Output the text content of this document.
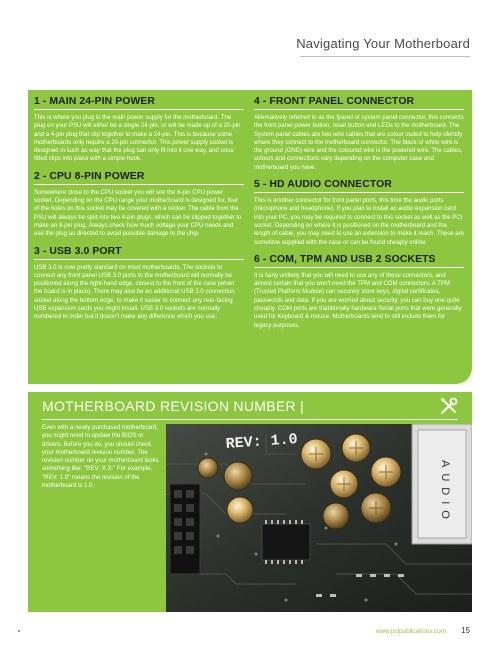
Navigating Your Motherboard
1 - MAIN 24-PIN POWER

This is where you plug in the main power supply for the motherboard. The plug on your PSU will either be a single 24-pin, or will be made up of a 20-pin and a 4-pin plug that clip together to make a 24-pin. This is because some motherboards only require a 20-pin connector. This power supply socket is designed in such as way that the plug can only fit into it one way, and once fitted clips into place with a simple hook.

2 - CPU 8-PIN POWER

Somewhere close to the CPU socket you will see the 8-pin CPU power socket. Depending on the CPU range your motherboard is designed for, four of the holes on this socket may be covered with a sticker. The cable from the PSU will always be split into two 4-pin plugs, which can be clipped together to make an 8-pin plug. Always check how much voltage your CPU needs and use the plug as directed to avoid possible damage to the chip.

3 - USB 3.0 PORT

USB 3.0 is now pretty standard on most motherboards. The sockets to connect any front panel USB 3.0 ports to the motherboard will normally be positioned along the right-hand edge, closest to the front of the case (when the board is in place). There may also be an additional USB 3.0 connection socket along the bottom edge, to make it easier to connect any rear-facing USB expansion cards you might install. USB 3.0 sockets are normally numbered in order but it doesn't make any difference which you use.

4 - FRONT PANEL CONNECTOR

Alternatively referred to as the fpanel or system panel connector, this connects the front panel power button, reset button and LEDs to the motherboard. The System panel cables are two wire cables that are colour coded to help identify where they connect to the motherboard connector. The black or white wire is the ground (GND) wire and the coloured wire is the powered wire. The cables, colours and connections vary depending on the computer case and motherboard you have.

5 - HD AUDIO CONNECTOR

This is another connector for front panel ports, this time the audio ports (microphone and headphone). If you plan to install an audio expansion card into your PC, you may be required to connect to this socket as well as the PCI socket. Depending on where it is positioned on the motherboard and the length of cable, you may need to use an extension to make it reach. These are sometime supplied with the case or can be found cheaply online.

6 - COM, TPM AND USB 2 SOCKETS

It is fairly unlikely that you will need to use any of these connectors, and almost certain that you won't need the TPM and COM connectors. A TPM (Trusted Platform Module) can securely store keys, digital certificates, passwords and data. If you are worried about security, you can buy one quite cheaply. COM ports are traditionally hardware Serial ports that were generally used for Keyboard & mouse. Motherboards tend to still include them for legacy purposes.

MOTHERBOARD REVISION NUMBER |
Even with a newly purchased motherboard, you might need to update the BIOS or drivers. Before you do, you should check your motherboard revision number. The revision number on your motherboard looks something like: "REV: X.X." For example, "REV: 1.0" means the revision of the motherboard is 1.0.
REV: 1.0
AUDIO
www.pclpublications.com 15
